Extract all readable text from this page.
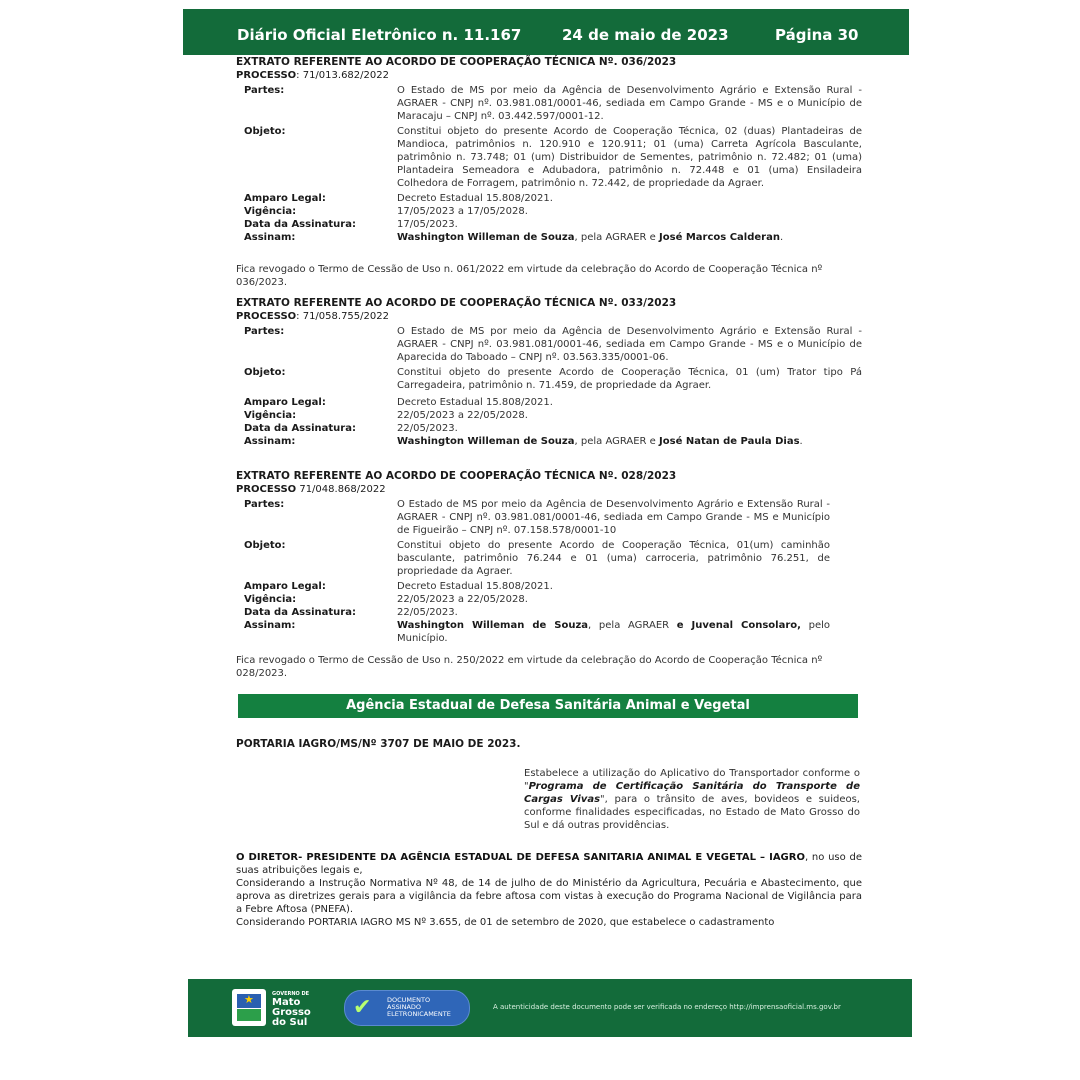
Diário Oficial Eletrônico n. 11.167	24 de maio de 2023	Página 30
EXTRATO REFERENTE AO ACORDO DE COOPERAÇÃO TÉCNICA Nº. 036/2023
PROCESSO: 71/013.682/2022
Partes:	O Estado de MS por meio da Agência de Desenvolvimento Agrário e Extensão Rural - AGRAER - CNPJ nº. 03.981.081/0001-46, sediada em Campo Grande - MS e o Município de Maracaju – CNPJ nº. 03.442.597/0001-12.
Objeto:	Constitui objeto do presente Acordo de Cooperação Técnica, 02 (duas) Plantadeiras de Mandioca, patrimônios n. 120.910 e 120.911; 01 (uma) Carreta Agrícola Basculante, patrimônio n. 73.748; 01 (um) Distribuidor de Sementes, patrimônio n. 72.482; 01 (uma) Plantadeira Semeadora e Adubadora, patrimônio n. 72.448 e 01 (uma) Ensiladeira Colhedora de Forragem, patrimônio n. 72.442, de propriedade da Agraer.
Amparo Legal:	Decreto Estadual 15.808/2021.
Vigência:	17/05/2023 a 17/05/2028.
Data da Assinatura:	17/05/2023.
Assinam:	Washington Willeman de Souza, pela AGRAER e José Marcos Calderan.
Fica revogado o Termo de Cessão de Uso n. 061/2022 em virtude da celebração do Acordo de Cooperação Técnica nº 036/2023.
EXTRATO REFERENTE AO ACORDO DE COOPERAÇÃO TÉCNICA Nº. 033/2023
PROCESSO: 71/058.755/2022
Partes:	O Estado de MS por meio da Agência de Desenvolvimento Agrário e Extensão Rural - AGRAER - CNPJ nº. 03.981.081/0001-46, sediada em Campo Grande - MS e o Município de Aparecida do Taboado – CNPJ nº. 03.563.335/0001-06.
Objeto:	Constitui objeto do presente Acordo de Cooperação Técnica, 01 (um) Trator tipo Pá Carregadeira, patrimônio n. 71.459, de propriedade da Agraer.
Amparo Legal:	Decreto Estadual 15.808/2021.
Vigência:	22/05/2023 a 22/05/2028.
Data da Assinatura:	22/05/2023.
Assinam:	Washington Willeman de Souza, pela AGRAER e José Natan de Paula Dias.
EXTRATO REFERENTE AO ACORDO DE COOPERAÇÃO TÉCNICA Nº. 028/2023
PROCESSO 71/048.868/2022
Partes:	O Estado de MS por meio da Agência de Desenvolvimento Agrário e Extensão Rural - AGRAER - CNPJ nº. 03.981.081/0001-46, sediada em Campo Grande - MS e Município de Figueirão – CNPJ nº. 07.158.578/0001-10
Objeto:	Constitui objeto do presente Acordo de Cooperação Técnica, 01(um) caminhão basculante, patrimônio 76.244 e 01 (uma) carroceria, patrimônio 76.251, de propriedade da Agraer.
Amparo Legal:	Decreto Estadual 15.808/2021.
Vigência:	22/05/2023 a 22/05/2028.
Data da Assinatura:	22/05/2023.
Assinam:	Washington Willeman de Souza, pela AGRAER e Juvenal Consolaro, pelo Município.
Fica revogado o Termo de Cessão de Uso n. 250/2022 em virtude da celebração do Acordo de Cooperação Técnica nº 028/2023.
Agência Estadual de Defesa Sanitária Animal e Vegetal
PORTARIA IAGRO/MS/Nº 3707 DE MAIO DE 2023.
Estabelece a utilização do Aplicativo do Transportador conforme o "Programa de Certificação Sanitária do Transporte de Cargas Vivas", para o trânsito de aves, bovideos e suideos, conforme finalidades especificadas, no Estado de Mato Grosso do Sul e dá outras providências.
O DIRETOR- PRESIDENTE DA AGÊNCIA ESTADUAL DE DEFESA SANITARIA ANIMAL E VEGETAL – IAGRO, no uso de suas atribuições legais e,
Considerando a Instrução Normativa Nº 48, de 14 de julho de do Ministério da Agricultura, Pecuária e Abastecimento, que aprova as diretrizes gerais para a vigilância da febre aftosa com vistas à execução do Programa Nacional de Vigilância para a Febre Aftosa (PNEFA).
Considerando PORTARIA IAGRO MS Nº 3.655, de 01 de setembro de 2020, que estabelece o cadastramento
★	GOVERNO DE
Mato
Grosso
do Sul
✔ DOCUMENTO
ASSINADO
ELETRONICAMENTE
A autenticidade deste documento pode ser verificada no endereço http://imprensaoficial.ms.gov.br
